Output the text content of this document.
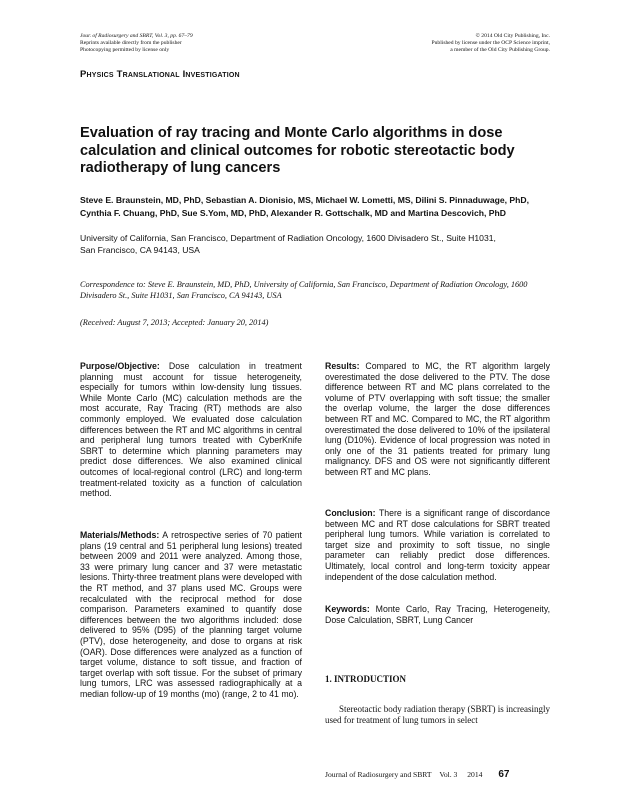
Jour. of Radiosurgery and SBRT, Vol. 3, pp. 67–79
Reprints available directly from the publisher
Photocopying permitted by license only
© 2014 Old City Publishing, Inc.
Published by license under the OCP Science imprint,
a member of the Old City Publishing Group.
Physics Translational Investigation
Evaluation of ray tracing and Monte Carlo algorithms in dose calculation and clinical outcomes for robotic stereotactic body radiotherapy of lung cancers
Steve E. Braunstein, MD, PhD, Sebastian A. Dionisio, MS, Michael W. Lometti, MS, Dilini S. Pinnaduwage, PhD, Cynthia F. Chuang, PhD, Sue S.Yom, MD, PhD, Alexander R. Gottschalk, MD and Martina Descovich, PhD
University of California, San Francisco, Department of Radiation Oncology, 1600 Divisadero St., Suite H1031,
San Francisco, CA 94143, USA
Correspondence to: Steve E. Braunstein, MD, PhD, University of California, San Francisco, Department of Radiation Oncology, 1600 Divisadero St., Suite H1031, San Francisco, CA 94143, USA
(Received: August 7, 2013; Accepted: January 20, 2014)

Purpose/Objective: Dose calculation in treatment planning must account for tissue heterogeneity, especially for tumors within low-density lung tissues. While Monte Carlo (MC) calculation methods are the most accurate, Ray Tracing (RT) methods are also commonly employed. We evaluated dose calculation differences between the RT and MC algorithms in central and peripheral lung tumors treated with CyberKnife SBRT to determine which planning parameters may predict dose differences. We also examined clinical outcomes of local-regional control (LRC) and long-term treatment-related toxicity as a function of calculation method.

Materials/Methods: A retrospective series of 70 patient plans (19 central and 51 peripheral lung lesions) treated between 2009 and 2011 were analyzed. Among those, 33 were primary lung cancer and 37 were metastatic lesions. Thirty-three treatment plans were developed with the RT method, and 37 plans used MC. Groups were recalculated with the reciprocal method for dose comparison. Parameters examined to quantify dose differences between the two algorithms included: dose delivered to 95% (D95) of the planning target volume (PTV), dose heterogeneity, and dose to organs at risk (OAR). Dose differences were analyzed as a function of target volume, distance to soft tissue, and fraction of target overlap with soft tissue. For the subset of primary lung tumors, LRC was assessed radiographically at a median follow-up of 19 months (mo) (range, 2 to 41 mo).

Results: Compared to MC, the RT algorithm largely overestimated the dose delivered to the PTV. The dose difference between RT and MC plans correlated to the volume of PTV overlapping with soft tissue; the smaller the overlap volume, the larger the dose differences between RT and MC. Compared to MC, the RT algorithm overestimated the dose delivered to 10% of the ipsilateral lung (D10%). Evidence of local progression was noted in only one of the 31 patients treated for primary lung malignancy. DFS and OS were not significantly different between RT and MC plans.

Conclusion: There is a significant range of discordance between MC and RT dose calculations for SBRT treated peripheral lung tumors. While variation is correlated to target size and proximity to soft tissue, no single parameter can reliably predict dose differences. Ultimately, local control and long-term toxicity appear independent of the dose calculation method.

Keywords: Monte Carlo, Ray Tracing, Heterogeneity, Dose Calculation, SBRT, Lung Cancer

1. INTRODUCTION
Stereotactic body radiation therapy (SBRT) is increasingly used for treatment of lung tumors in select
Journal of Radiosurgery and SBRT Vol. 3 2014 67
